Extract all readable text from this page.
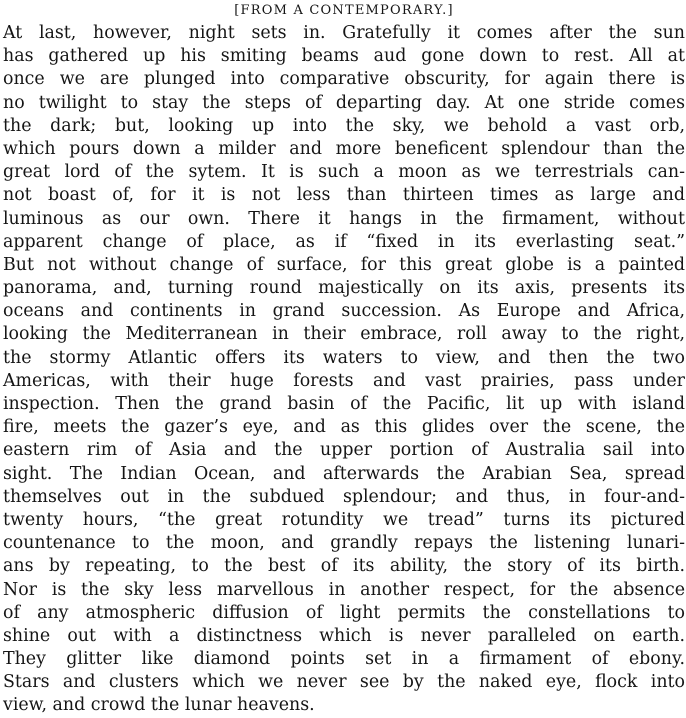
[FROM A CONTEMPORARY.]
At last, however, night sets in. Gratefully it comes after the sun
has gathered up his smiting beams aud gone down to rest. All at
once we are plunged into comparative obscurity, for again there is
no twilight to stay the steps of departing day. At one stride comes
the dark; but, looking up into the sky, we behold a vast orb,
which pours down a milder and more beneficent splendour than the
great lord of the sytem. It is such a moon as we terrestrials can-
not boast of, for it is not less than thirteen times as large and
luminous as our own. There it hangs in the firmament, without
apparent change of place, as if “fixed in its everlasting seat.”
But not without change of surface, for this great globe is a painted
panorama, and, turning round majestically on its axis, presents its
oceans and continents in grand succession. As Europe and Africa,
looking the Mediterranean in their embrace, roll away to the right,
the stormy Atlantic offers its waters to view, and then the two
Americas, with their huge forests and vast prairies, pass under
inspection. Then the grand basin of the Pacific, lit up with island
fire, meets the gazer’s eye, and as this glides over the scene, the
eastern rim of Asia and the upper portion of Australia sail into
sight. The Indian Ocean, and afterwards the Arabian Sea, spread
themselves out in the subdued splendour; and thus, in four-and-
twenty hours, “the great rotundity we tread” turns its pictured
countenance to the moon, and grandly repays the listening lunari-
ans by repeating, to the best of its ability, the story of its birth.
Nor is the sky less marvellous in another respect, for the absence
of any atmospheric diffusion of light permits the constellations to
shine out with a distinctness which is never paralleled on earth.
They glitter like diamond points set in a firmament of ebony.
Stars and clusters which we never see by the naked eye, flock into
view, and crowd the lunar heavens.
